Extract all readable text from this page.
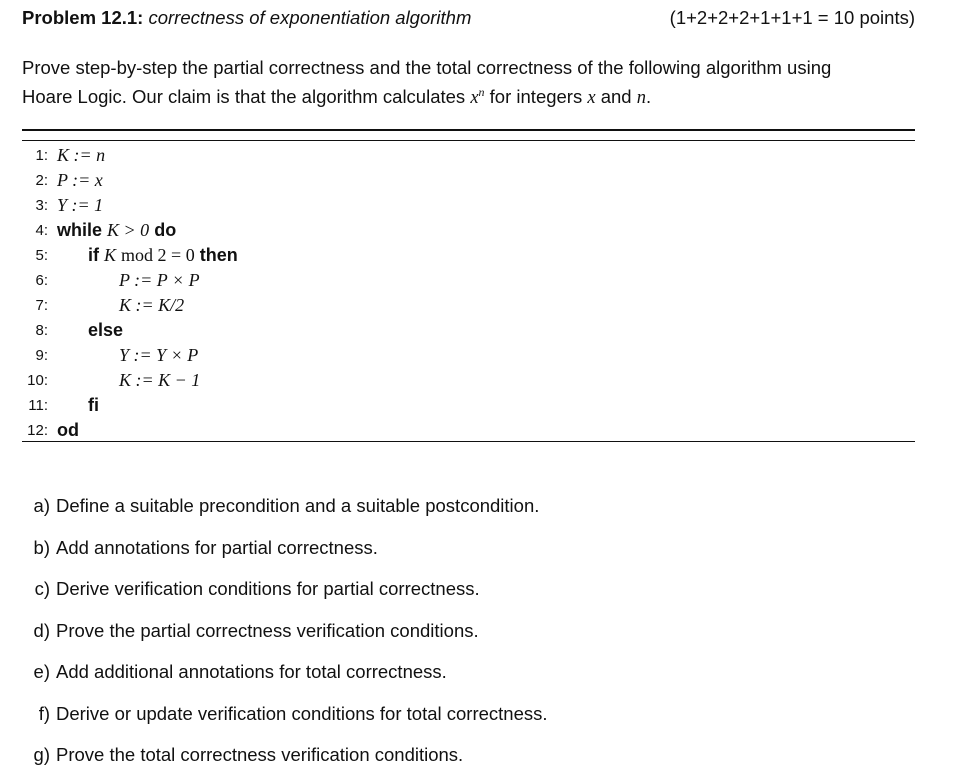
Problem 12.1: correctness of exponentiation algorithm	(1+2+2+2+1+1+1 = 10 points)
Prove step-by-step the partial correctness and the total correctness of the following algorithm using
Hoare Logic. Our claim is that the algorithm calculates $x^n$ for integers x and n.
1: K := n
2: P := x
3: Y := 1
4: while K > 0 do
5: if K mod 2 = 0 then
6:	P := P × P
7:	K := K/2
8: else
9:	Y := Y × P
10:	K := K − 1
11: fi
12: od
a) Define a suitable precondition and a suitable postcondition.
b) Add annotations for partial correctness.
c) Derive verification conditions for partial correctness.
d) Prove the partial correctness verification conditions.
e) Add additional annotations for total correctness.
f) Derive or update verification conditions for total correctness.
g) Prove the total correctness verification conditions.
